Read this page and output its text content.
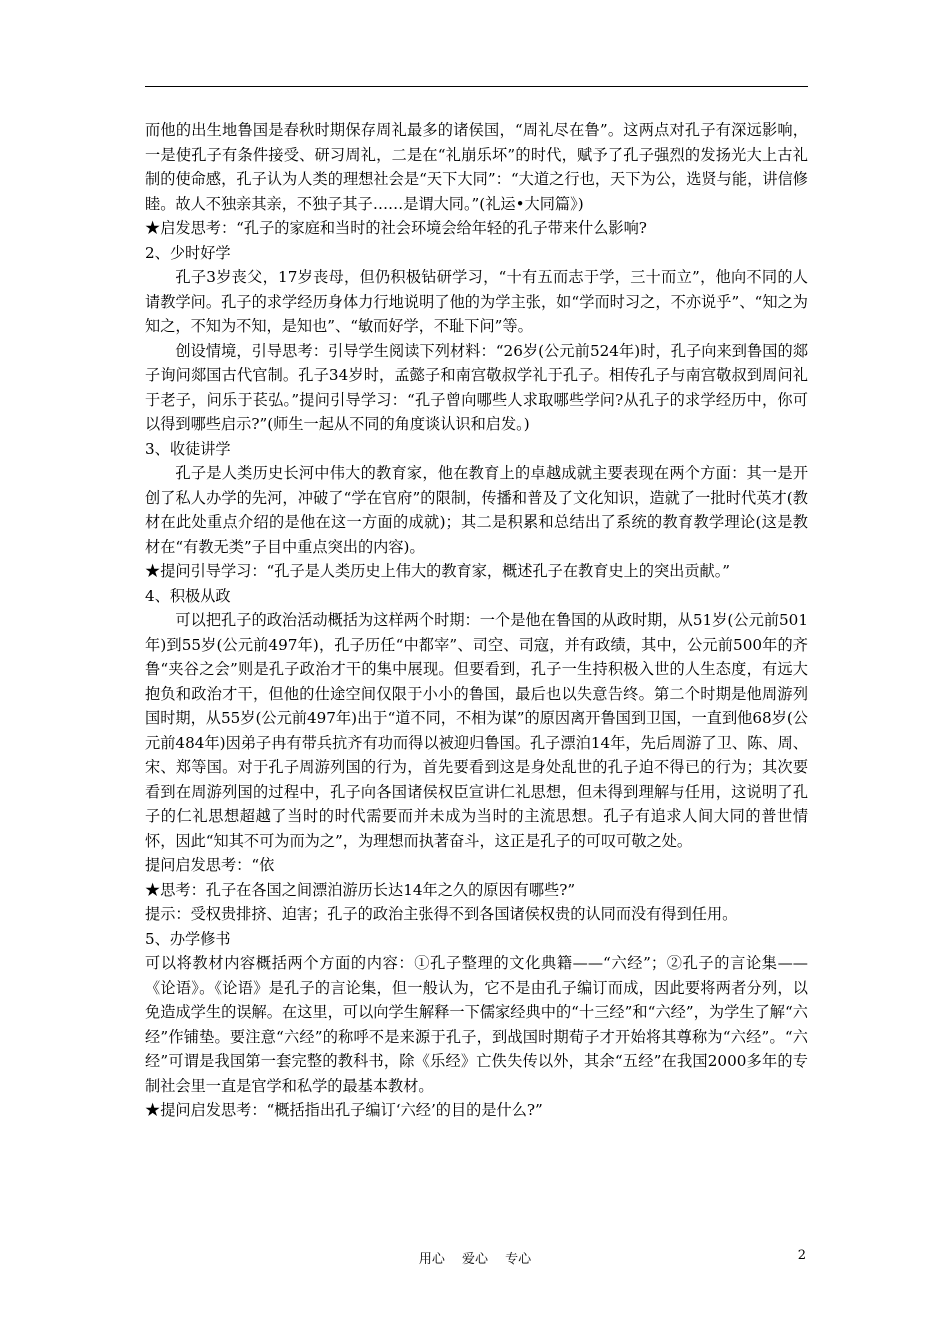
而他的出生地鲁国是春秋时期保存周礼最多的诸侯国，“周礼尽在鲁”。这两点对孔子有深远影响，一是使孔子有条件接受、研习周礼，二是在“礼崩乐坏”的时代，赋予了孔子强烈的发扬光大上古礼制的使命感，孔子认为人类的理想社会是“天下大同”：“大道之行也，天下为公，选贤与能，讲信修睦。故人不独亲其亲，不独子其子……是谓大同。”(礼运•大同篇》)

★启发思考：“孔子的家庭和当时的社会环境会给年轻的孔子带来什么影响?

2、少时好学

孔子3岁丧父，17岁丧母，但仍积极钻研学习，“十有五而志于学，三十而立”，他向不同的人请教学问。孔子的求学经历身体力行地说明了他的为学主张，如“学而时习之，不亦说乎”、“知之为知之，不知为不知，是知也”、“敏而好学，不耻下问”等。

创设情境，引导思考：引导学生阅读下列材料：“26岁(公元前524年)时，孔子向来到鲁国的郯子询问郯国古代官制。孔子34岁时，孟懿子和南宫敬叔学礼于孔子。相传孔子与南宫敬叔到周问礼于老子，问乐于苌弘。”提问引导学习：“孔子曾向哪些人求取哪些学问?从孔子的求学经历中，你可以得到哪些启示?”(师生一起从不同的角度谈认识和启发。)

3、收徒讲学

孔子是人类历史长河中伟大的教育家，他在教育上的卓越成就主要表现在两个方面：其一是开创了私人办学的先河，冲破了“学在官府”的限制，传播和普及了文化知识，造就了一批时代英才(教材在此处重点介绍的是他在这一方面的成就)；其二是积累和总结出了系统的教育教学理论(这是教材在“有教无类”子目中重点突出的内容)。

★提问引导学习：“孔子是人类历史上伟大的教育家，概述孔子在教育史上的突出贡献。”

4、积极从政

可以把孔子的政治活动概括为这样两个时期：一个是他在鲁国的从政时期，从51岁(公元前501年)到55岁(公元前497年)，孔子历任“中都宰”、司空、司寇，并有政绩，其中，公元前500年的齐鲁“夹谷之会”则是孔子政治才干的集中展现。但要看到，孔子一生持积极入世的人生态度，有远大抱负和政治才干，但他的仕途空间仅限于小小的鲁国，最后也以失意告终。第二个时期是他周游列国时期，从55岁(公元前497年)出于“道不同，不相为谋”的原因离开鲁国到卫国，一直到他68岁(公元前484年)因弟子冉有带兵抗齐有功而得以被迎归鲁国。孔子漂泊14年，先后周游了卫、陈、周、宋、郑等国。对于孔子周游列国的行为，首先要看到这是身处乱世的孔子迫不得已的行为；其次要看到在周游列国的过程中，孔子向各国诸侯权臣宣讲仁礼思想，但未得到理解与任用，这说明了孔子的仁礼思想超越了当时的时代需要而并未成为当时的主流思想。孔子有追求人间大同的普世情怀，因此“知其不可为而为之”，为理想而执著奋斗，这正是孔子的可叹可敬之处。

提问启发思考：“依

★思考：孔子在各国之间漂泊游历长达14年之久的原因有哪些?”

提示：受权贵排挤、迫害；孔子的政治主张得不到各国诸侯权贵的认同而没有得到任用。

5、办学修书

可以将教材内容概括两个方面的内容：①孔子整理的文化典籍——“六经”；②孔子的言论集——《论语》。《论语》是孔子的言论集，但一般认为，它不是由孔子编订而成，因此要将两者分列，以免造成学生的误解。在这里，可以向学生解释一下儒家经典中的“十三经”和“六经”，为学生了解“六经”作铺垫。要注意“六经”的称呼不是来源于孔子，到战国时期荀子才开始将其尊称为“六经”。“六经”可谓是我国第一套完整的教科书，除《乐经》亡佚失传以外，其余“五经”在我国2000多年的专制社会里一直是官学和私学的最基本教材。

★提问启发思考：“概括指出孔子编订‘六经’的目的是什么?”

用心　 爱心　 专心	2
